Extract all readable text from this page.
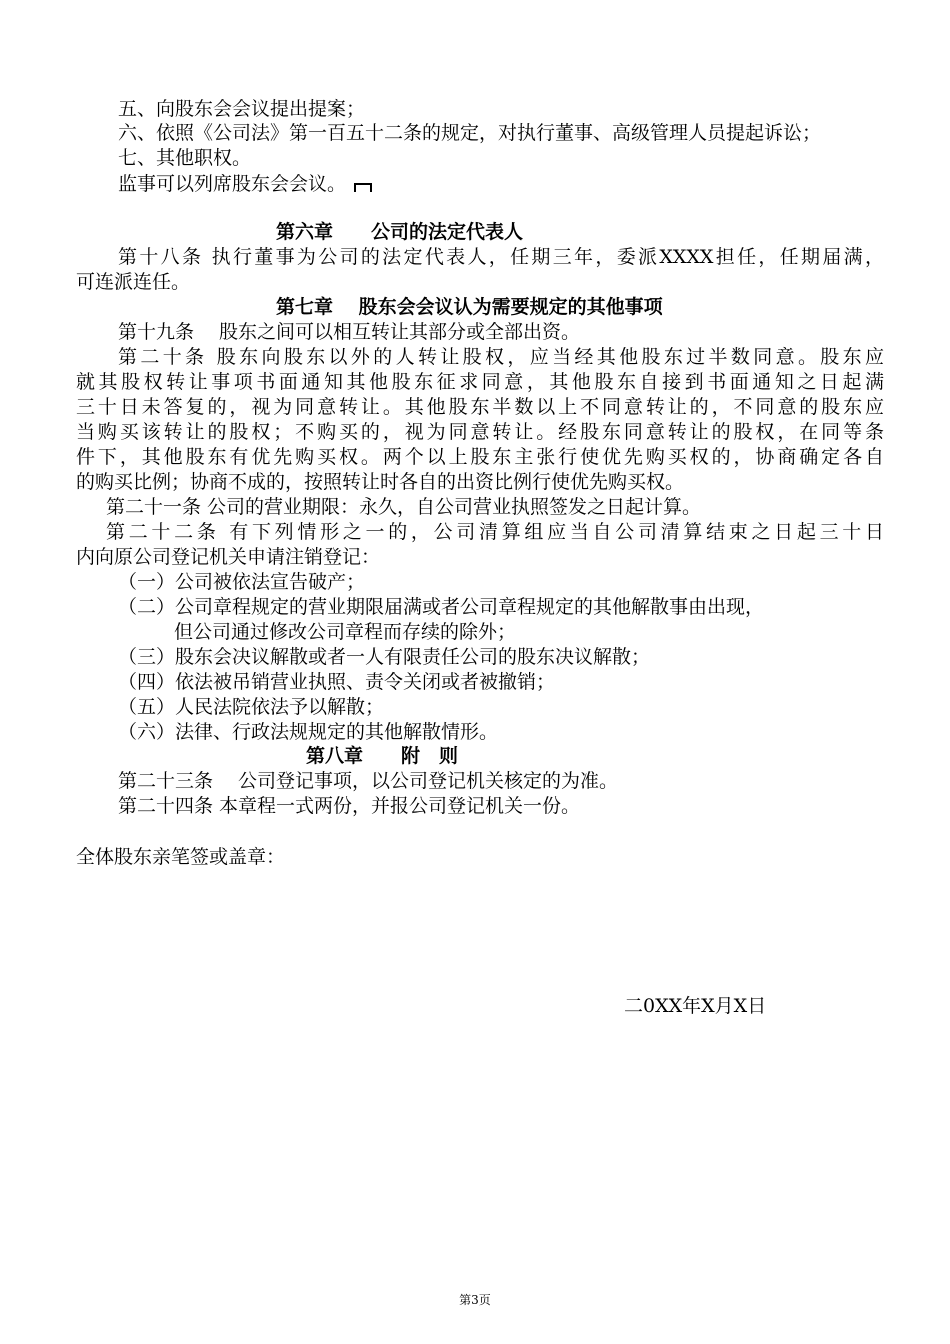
五、向股东会会议提出提案；
六、依照《公司法》第一百五十二条的规定，对执行董事、高级管理人员提起诉讼；
七、其他职权。
监事可以列席股东会会议。
第六章　　公司的法定代表人
第十八条 执行董事为公司的法定代表人，任期三年，委派XXXX担任，任期届满，
可连派连任。
第七章　 股东会会议认为需要规定的其他事项
第十九条　 股东之间可以相互转让其部分或全部出资。
第二十条 股东向股东以外的人转让股权，应当经其他股东过半数同意。股东应
就其股权转让事项书面通知其他股东征求同意，其他股东自接到书面通知之日起满
三十日未答复的，视为同意转让。其他股东半数以上不同意转让的，不同意的股东应
当购买该转让的股权；不购买的，视为同意转让。经股东同意转让的股权，在同等条
件下，其他股东有优先购买权。两个以上股东主张行使优先购买权的，协商确定各自
的购买比例；协商不成的，按照转让时各自的出资比例行使优先购买权。
第二十一条 公司的营业期限：永久，自公司营业执照签发之日起计算。
第二十二条 有下列情形之一的，公司清算组应当自公司清算结束之日起三十日
内向原公司登记机关申请注销登记：
（一）公司被依法宣告破产；
（二）公司章程规定的营业期限届满或者公司章程规定的其他解散事由出现，
但公司通过修改公司章程而存续的除外；
（三）股东会决议解散或者一人有限责任公司的股东决议解散；
（四）依法被吊销营业执照、责令关闭或者被撤销；
（五）人民法院依法予以解散；
（六）法律、行政法规规定的其他解散情形。
第八章　　附　则
第二十三条　 公司登记事项，以公司登记机关核定的为准。
第二十四条 本章程一式两份，并报公司登记机关一份。
全体股东亲笔签或盖章：
二0XX年X月X日
第3页
